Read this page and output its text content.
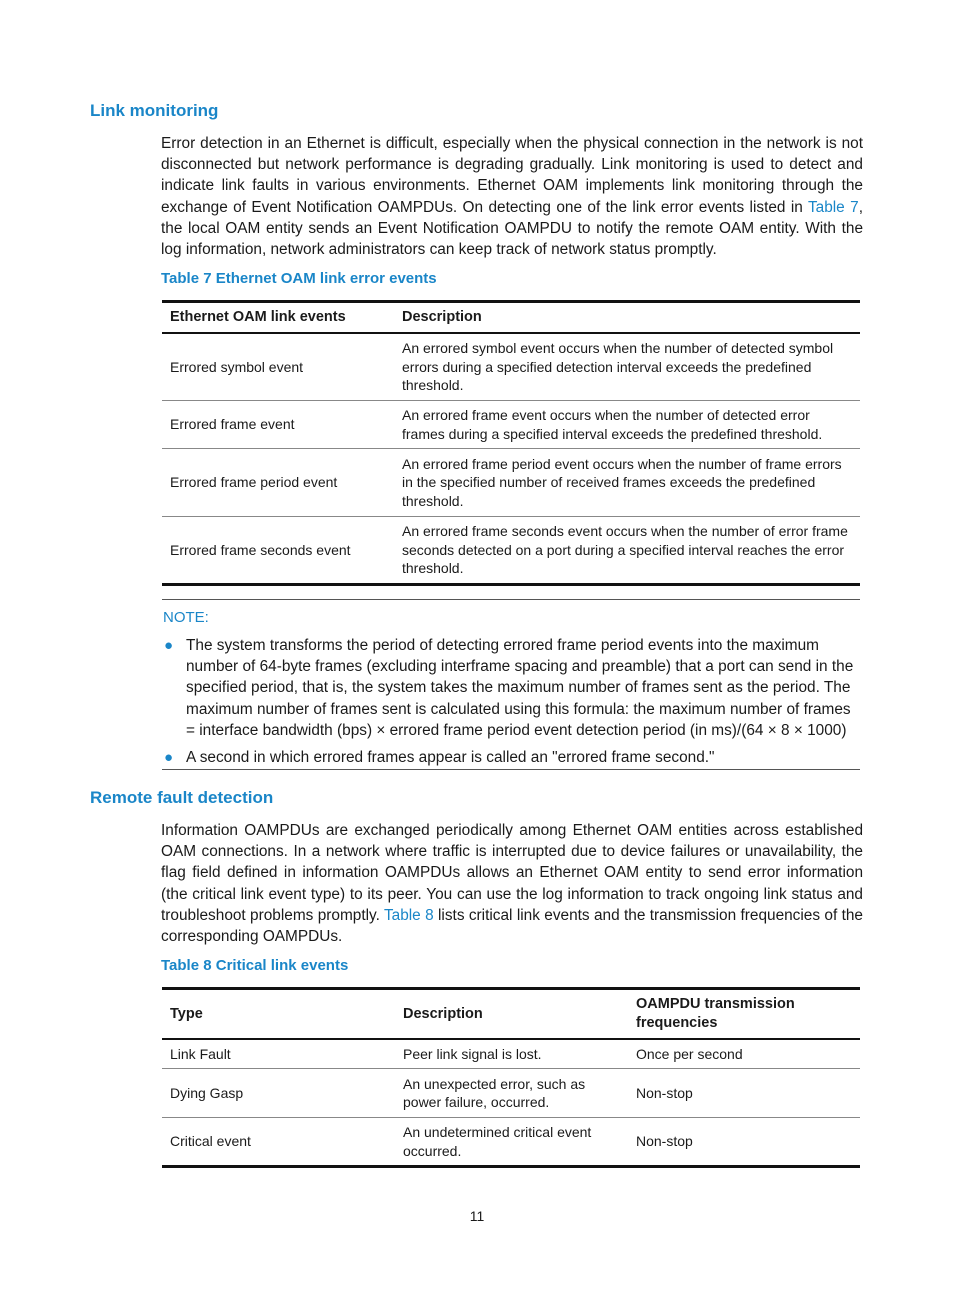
Link monitoring

Error detection in an Ethernet is difficult, especially when the physical connection in the network is not disconnected but network performance is degrading gradually. Link monitoring is used to detect and indicate link faults in various environments. Ethernet OAM implements link monitoring through the exchange of Event Notification OAMPDUs. On detecting one of the link error events listed in Table 7, the local OAM entity sends an Event Notification OAMPDU to notify the remote OAM entity. With the log information, network administrators can keep track of network status promptly.

Table 7 Ethernet OAM link error events
Ethernet OAM link events	Description
Errored symbol event	An errored symbol event occurs when the number of detected symbol errors during a specified detection interval exceeds the predefined threshold.
Errored frame event	An errored frame event occurs when the number of detected error frames during a specified interval exceeds the predefined threshold.
Errored frame period event	An errored frame period event occurs when the number of frame errors in the specified number of received frames exceeds the predefined threshold.
Errored frame seconds event	An errored frame seconds event occurs when the number of error frame seconds detected on a port during a specified interval reaches the error threshold.
NOTE:

● The system transforms the period of detecting errored frame period events into the maximum number of 64-byte frames (excluding interframe spacing and preamble) that a port can send in the specified period, that is, the system takes the maximum number of frames sent as the period. The maximum number of frames sent is calculated using this formula: the maximum number of frames = interface bandwidth (bps) × errored frame period event detection period (in ms)/(64 × 8 × 1000)

● A second in which errored frames appear is called an "errored frame second."

Remote fault detection

Information OAMPDUs are exchanged periodically among Ethernet OAM entities across established OAM connections. In a network where traffic is interrupted due to device failures or unavailability, the flag field defined in information OAMPDUs allows an Ethernet OAM entity to send error information (the critical link event type) to its peer. You can use the log information to track ongoing link status and troubleshoot problems promptly. Table 8 lists critical link events and the transmission frequencies of the corresponding OAMPDUs.

Table 8 Critical link events
Type	Description	OAMPDU transmission frequencies
Link Fault	Peer link signal is lost.	Once per second
Dying Gasp	An unexpected error, such as power failure, occurred.	Non-stop
Critical event	An undetermined critical event occurred.	Non-stop
11
